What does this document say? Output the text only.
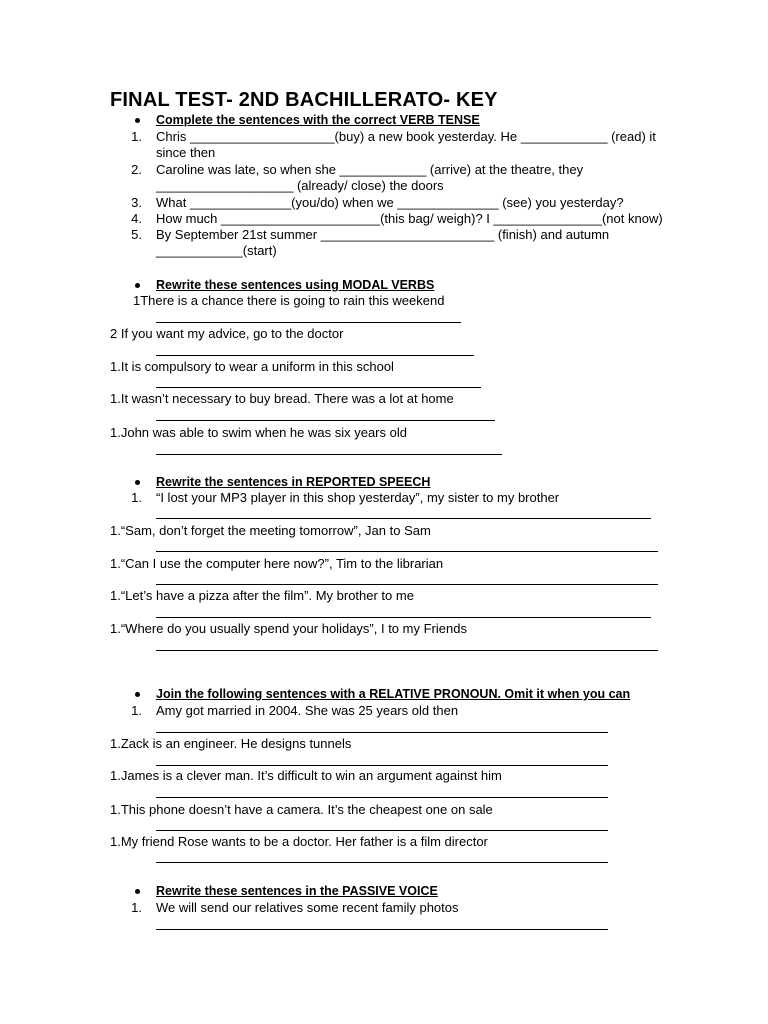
FINAL TEST- 2ND BACHILLERATO- KEY
Complete the sentences with the correct VERB TENSE
1. Chris ____________________(buy) a new book yesterday. He ____________ (read) it
since then
2. Caroline was late, so when she ____________ (arrive) at the theatre, they
___________________ (already/ close) the doors
3. What ______________(you/do) when we ______________ (see) you yesterday?
4. How much ______________________(this bag/ weigh)? I _______________(not know)
5. By September 21st summer ________________________ (finish) and autumn
____________(start)
Rewrite these sentences using MODAL VERBS
1There is a chance there is going to rain this weekend
2 If you want my advice, go to the doctor
1.It is compulsory to wear a uniform in this school
1.It wasn’t necessary to buy bread. There was a lot at home
1.John was able to swim when he was six years old
Rewrite the sentences in REPORTED SPEECH
1. “I lost your MP3 player in this shop yesterday”, my sister to my brother
1.“Sam, don’t forget the meeting tomorrow”, Jan to Sam
1.“Can I use the computer here now?”, Tim to the librarian
1.“Let’s have a pizza after the film”. My brother to me
1.“Where do you usually spend your holidays”, I to my Friends
Join the following sentences with a RELATIVE PRONOUN. Omit it when you can
1. Amy got married in 2004. She was 25 years old then
1.Zack is an engineer. He designs tunnels
1.James is a clever man. It’s difficult to win an argument against him
1.This phone doesn’t have a camera. It’s the cheapest one on sale
1.My friend Rose wants to be a doctor. Her father is a film director
Rewrite these sentences in the PASSIVE VOICE
1. We will send our relatives some recent family photos
